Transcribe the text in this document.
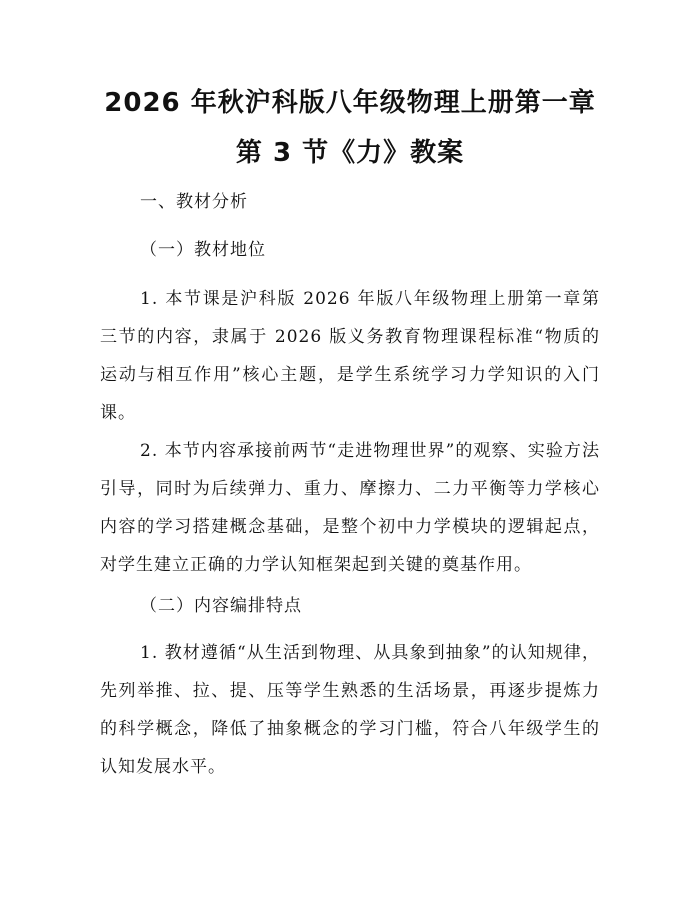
2026 年秋沪科版八年级物理上册第一章第 3 节《力》教案

一、教材分析

（一）教材地位

1. 本节课是沪科版 2026 年版八年级物理上册第一章第三节的内容，隶属于 2026 版义务教育物理课程标准“物质的运动与相互作用”核心主题，是学生系统学习力学知识的入门课。

2. 本节内容承接前两节“走进物理世界”的观察、实验方法引导，同时为后续弹力、重力、摩擦力、二力平衡等力学核心内容的学习搭建概念基础，是整个初中力学模块的逻辑起点，对学生建立正确的力学认知框架起到关键的奠基作用。

（二）内容编排特点

1. 教材遵循“从生活到物理、从具象到抽象”的认知规律，先列举推、拉、提、压等学生熟悉的生活场景，再逐步提炼力的科学概念，降低了抽象概念的学习门槛，符合八年级学生的认知发展水平。
